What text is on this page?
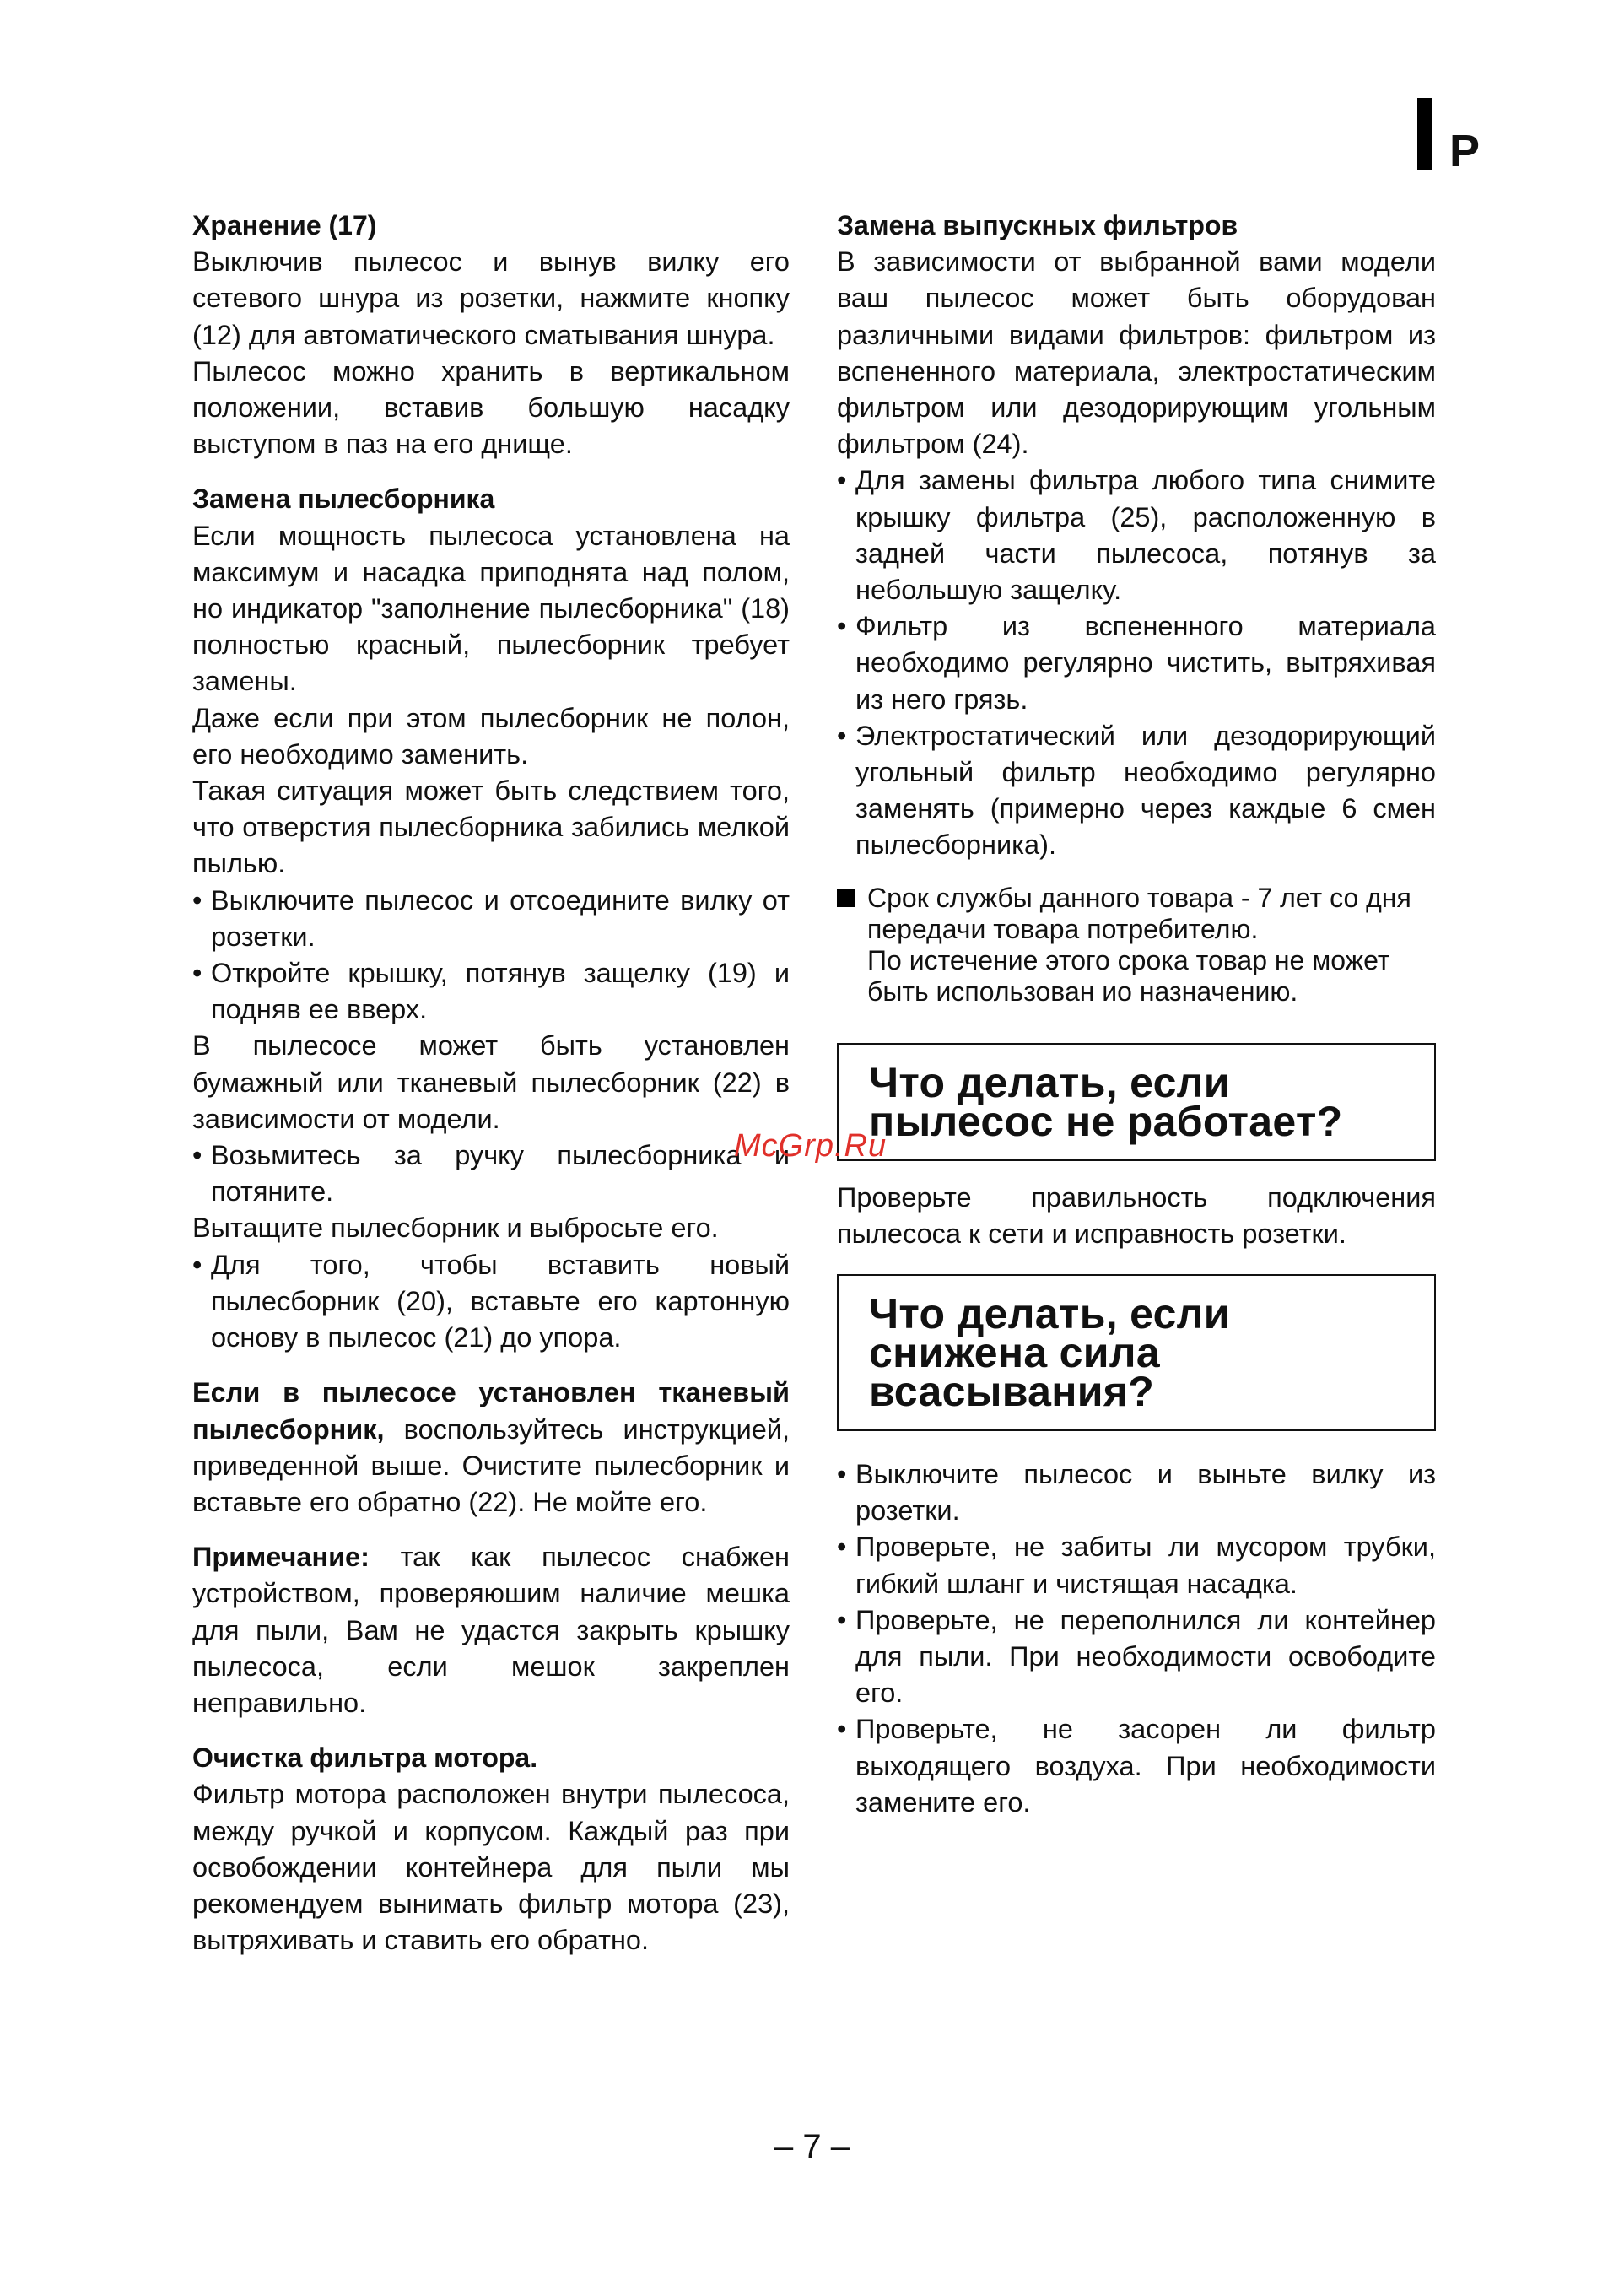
P
Хранение (17)

Выключив пылесос и вынув вилку его сетевого шнура из розетки, нажмите кнопку (12) для автоматического сматывания шнура.

Пылесос можно хранить в вертикальном положении, вставив большую насадку выступом в паз на его днище.

Замена пылесборника

Если мощность пылесоса установлена на максимум и насадка приподнята над полом, но индикатор "заполнение пылесборника" (18) полностью красный, пылесборник требует замены.

Даже если при этом пылесборник не полон, его необходимо заменить.

Такая ситуация может быть следствием того, что отверстия пылесборника забились мелкой пылью.

• Выключите пылесос и отсоедините вилку от розетки.

• Откройте крышку, потянув защелку (19) и подняв ее вверх.

В пылесосе может быть установлен бумажный или тканевый пылесборник (22) в зависимости от модели.

• Возьмитесь за ручку пылесборника и потяните.

Вытащите пылесборник и выбросьте его.

• Для того, чтобы вставить новый пылесборник (20), вставьте его картонную основу в пылесос (21) до упора.

Если в пылесосе установлен тканевый пылесборник, воспользуйтесь инструкцией, приведенной выше. Очистите пылесборник и вставьте его обратно (22). Не мойте его.

Примечание: так как пылесос снабжен устройством, проверяюшим наличие мешка для пыли, Вам не удастся закрыть крышку пылесоса, если мешок закреплен неправильно.

Очистка фильтра мотора.

Фильтр мотора расположен внутри пылесоса, между ручкой и корпусом. Каждый раз при освобождении контейнера для пыли мы рекомендуем вынимать фильтр мотора (23), вытряхивать и ставить его обратно.

Замена выпускных фильтров

В зависимости от выбранной вами модели ваш пылесос может быть оборудован различными видами фильтров: фильтром из вспененного материала, электростатическим фильтром или дезодорирующим угольным фильтром (24).

• Для замены фильтра любого типа снимите крышку фильтра (25), расположенную в задней части пылесоса, потянув за небольшую защелку.

• Фильтр из вспененного материала необходимо регулярно чистить, вытряхивая из него грязь.

• Электростатический или дезодорирующий угольный фильтр необходимо регулярно заменять (примерно через каждые 6 смен пылесборника).

Срок службы данного товара - 7 лет со дня передачи товара потребителю.
По истечение этого срока товар не может быть использован ио назначению.
Что делать, если пылесос не работает?

Проверьте правильность подключения пылесоса к сети и исправность розетки.

Что делать, если снижена сила всасывания?

• Выключите пылесос и выньте вилку из розетки.

• Проверьте, не забиты ли мусором трубки, гибкий шланг и чистящая насадка.

• Проверьте, не переполнился ли контейнер для пыли. При необходимости освободите его.

• Проверьте, не засорен ли фильтр выходящего воздуха. При необходимости замените его.

McGrp.Ru
– 7 –
